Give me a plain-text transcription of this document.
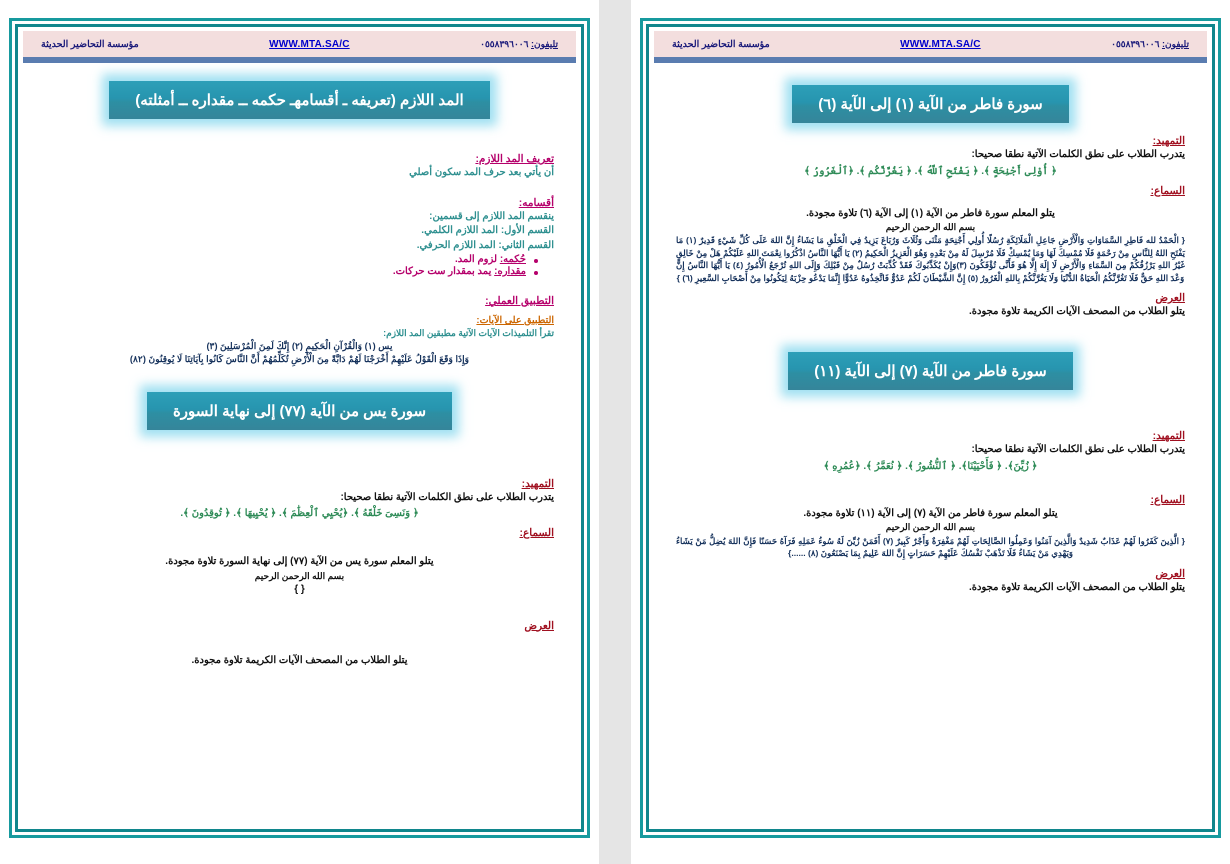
مؤسسة التحاضير الحديثة	WWW.MTA.SA/C	تليفون: ٠٥٥٨٣٩٦٠٠٦
سورة فاطر من الآية (١) إلى الآية (٦)
التمهيد:
يتدرب الطلاب على نطق الكلمات الآتية نطقا صحيحا:
﴿ أُوْلِى أَجْنِحَةٍ ﴾. ﴿ يَفْتَحِ ٱللَّهُ ﴾. ﴿ يَغُرَّنَّكُم ﴾. ﴿ٱلْغَرُورُ ﴾
السماع:
يتلو المعلم سورة فاطر من الآية (١) إلى الآية (٦) تلاوة مجودة.
بسم الله الرحمن الرحيم
{ الْحَمْدُ لله فَاطِرِ السَّمَاوَاتِ وَالْأَرْضِ جَاعِلِ الْمَلَائِكَةِ رُسُلًا أُولِي أَجْنِحَةٍ مَثْنَى وَثُلَاثَ وَرُبَاعَ يَزِيدُ فِي الْخَلْقِ مَا يَشَاءُ إِنَّ اللهَ عَلَى كُلِّ شَيْءٍ قَدِيرٌ (١) مَا يَفْتَحِ اللهُ لِلنَّاسِ مِنْ رَحْمَةٍ فَلَا مُمْسِكَ لَهَا وَمَا يُمْسِكْ فَلَا مُرْسِلَ لَهُ مِنْ بَعْدِهِ وَهُوَ الْعَزِيزُ الْحَكِيمُ (٢) يَا أَيُّهَا النَّاسُ اذْكُرُوا نِعْمَتَ اللهِ عَلَيْكُمْ هَلْ مِنْ خَالِقٍ غَيْرُ اللهِ يَرْزُقُكُمْ مِنَ السَّمَاءِ وَالْأَرْضِ لَا إِلَهَ إِلَّا هُوَ فَأَنَّى تُؤْفَكُونَ (٣)وَإِنْ يُكَذِّبُوكَ فَقَدْ كُذِّبَتْ رُسُلٌ مِنْ قَبْلِكَ وَإِلَى اللهِ تُرْجَعُ الْأُمُورُ (٤) يَا أَيُّهَا النَّاسُ إِنَّ وَعْدَ اللهِ حَقٌّ فَلَا تَغُرَّنَّكُمُ الْحَيَاةُ الدُّنْيَا وَلَا يَغُرَّنَّكُمْ بِاللهِ الْغَرُورُ (٥) إِنَّ الشَّيْطَانَ لَكُمْ عَدُوٌّ فَاتَّخِذُوهُ عَدُوًّا إِنَّمَا يَدْعُو حِزْبَهُ لِيَكُونُوا مِنْ أَصْحَابِ السَّعِيرِ (٦) }
العرض
يتلو الطلاب من المصحف الآيات الكريمة تلاوة مجودة.
سورة فاطر من الآية (٧) إلى الآية (١١)
التمهيد:
يتدرب الطلاب على نطق الكلمات الآتية نطقا صحيحا:
﴿ زُيِّنَ﴾. ﴿ فَأَحْيَيْنَا﴾. ﴿ ٱلنُّشُورُ ﴾. ﴿ نُعَمَّرُ ﴾. ﴿عُمُرِهِ ﴾
السماع:
يتلو المعلم سورة فاطر من الآية (٧) إلى الآية (١١) تلاوة مجودة.
بسم الله الرحمن الرحيم
{ الَّذِينَ كَفَرُوا لَهُمْ عَذَابٌ شَدِيدٌ وَالَّذِينَ آمَنُوا وَعَمِلُوا الصَّالِحَاتِ لَهُمْ مَغْفِرَةٌ وَأَجْرٌ كَبِيرٌ (٧) أَفَمَنْ زُيِّنَ لَهُ سُوءُ عَمَلِهِ فَرَآهُ حَسَنًا فَإِنَّ اللهَ يُضِلُّ مَنْ يَشَاءُ وَيَهْدِي مَنْ يَشَاءُ فَلَا تَذْهَبْ نَفْسُكَ عَلَيْهِمْ حَسَرَاتٍ إِنَّ اللهَ عَلِيمٌ بِمَا يَصْنَعُونَ (٨) ......}
العرض
يتلو الطلاب من المصحف الآيات الكريمة تلاوة مجودة.
مؤسسة التحاضير الحديثة	WWW.MTA.SA/C	تليفون: ٠٥٥٨٣٩٦٠٠٦
المد اللازم (تعريفه ـ أقسامهـ حكمه ــ مقداره ــ أمثلته)
تعريف المد اللازم:
أن يأتي بعد حرف المد سكون أصلي
أقسامه:
ينقسم المد اللازم إلى قسمين:
القسم الأول: المد اللازم الكلمي.
القسم الثاني: المد اللازم الحرفي.
حُكمه: لزوم المد.
مقداره: يمد بمقدار ست حركات.
التطبيق العملي:
التطبيق على الآيات:
تقرأ التلميذات الآيات الآتية مطبقين المد اللازم:
يس (١) وَالْقُرْآنِ الْحَكِيمِ (٢) إِنَّكَ لَمِنَ الْمُرْسَلِينَ (٣)
وَإِذَا وَقَعَ الْقَوْلُ عَلَيْهِمْ أَخْرَجْنَا لَهُمْ دَابَّةً مِنَ الْأَرْضِ تُكَلِّمُهُمْ أَنَّ النَّاسَ كَانُوا بِآيَاتِنَا لَا يُوقِنُونَ (٨٢)
سورة يس من الآية (٧٧) إلى نهاية السورة
التمهيد:
يتدرب الطلاب على نطق الكلمات الآتية نطقا صحيحا:
﴿ وَنَسِىَ خَلْقَهُ ﴾. ﴿يُحْيِي ٱلْعِظَٰمَ ﴾. ﴿ يُحْيِيهَا ﴾. ﴿ تُوقِدُونَ ﴾.
السماع:
يتلو المعلم سورة يس من الآية (٧٧) إلى نهاية السورة تلاوة مجودة.
بسم الله الرحمن الرحيم
{ }
العرض
يتلو الطلاب من المصحف الآيات الكريمة تلاوة مجودة.
